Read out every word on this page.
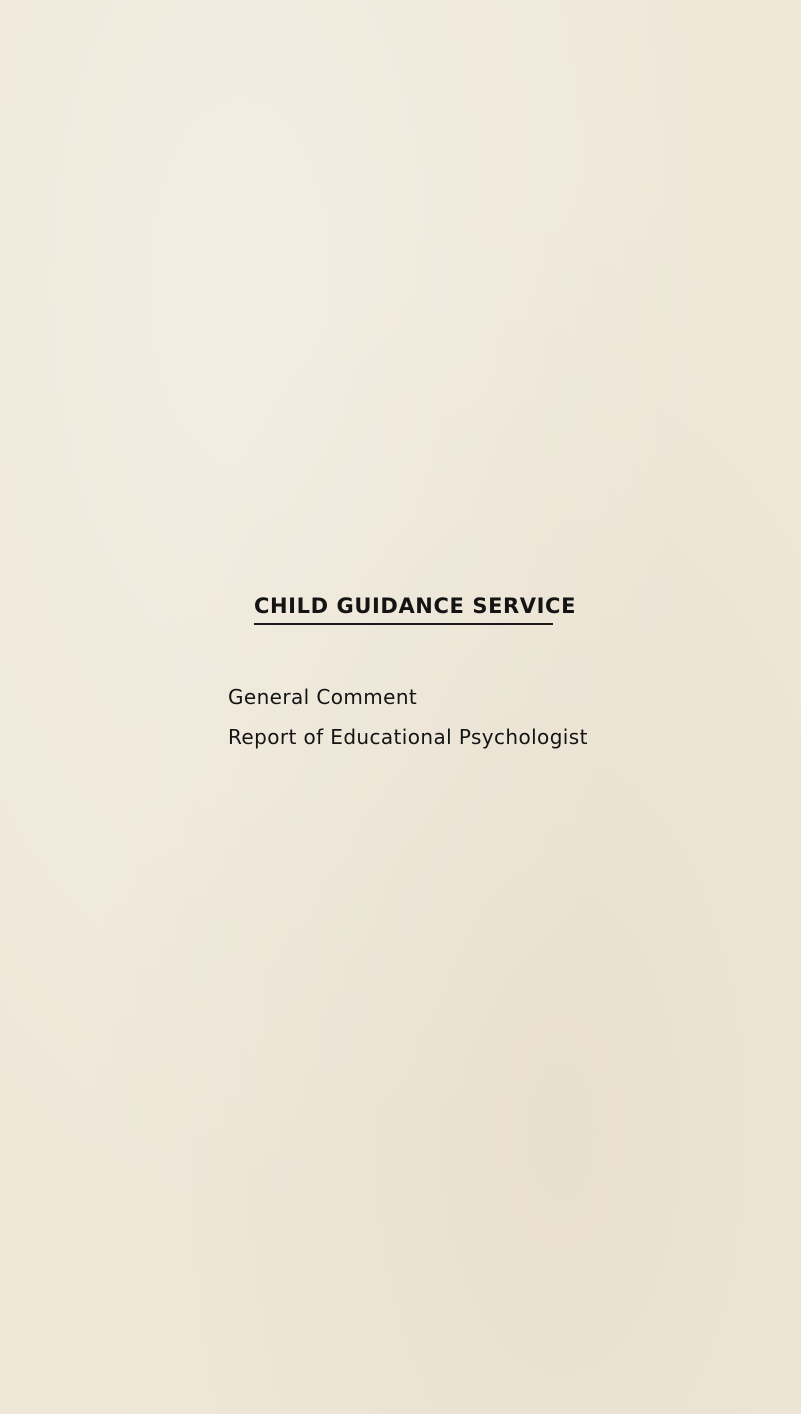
CHILD GUIDANCE SERVICE
General Comment
Report of Educational Psychologist
